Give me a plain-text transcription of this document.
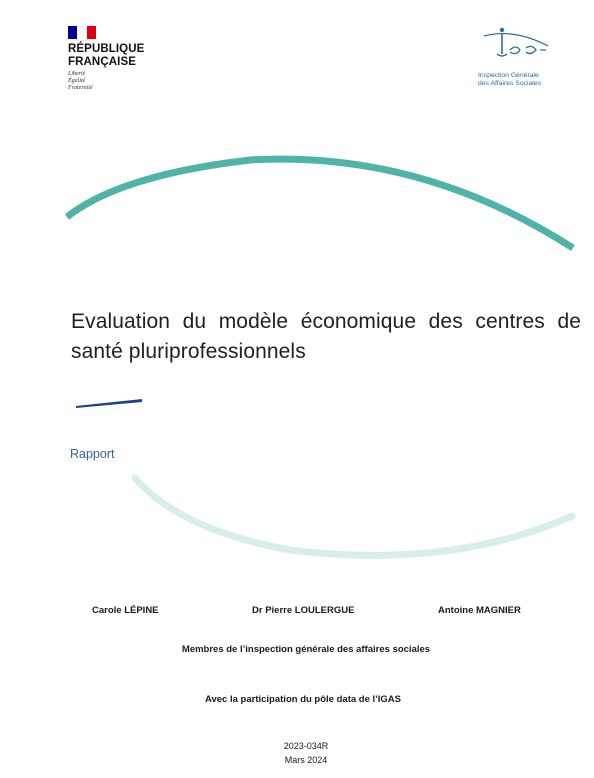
RÉPUBLIQUE
FRANÇAISE
Liberté
Égalité
Fraternité
Inspection Générale
des Affaires Sociales
Evaluation du modèle économique des centres de santé pluriprofessionnels
Rapport
Carole LÉPINE	Dr Pierre LOULERGUE	Antoine MAGNIER
Membres de l’inspection générale des affaires sociales
Avec la participation du pôle data de l’IGAS
2023-034R
Mars 2024
